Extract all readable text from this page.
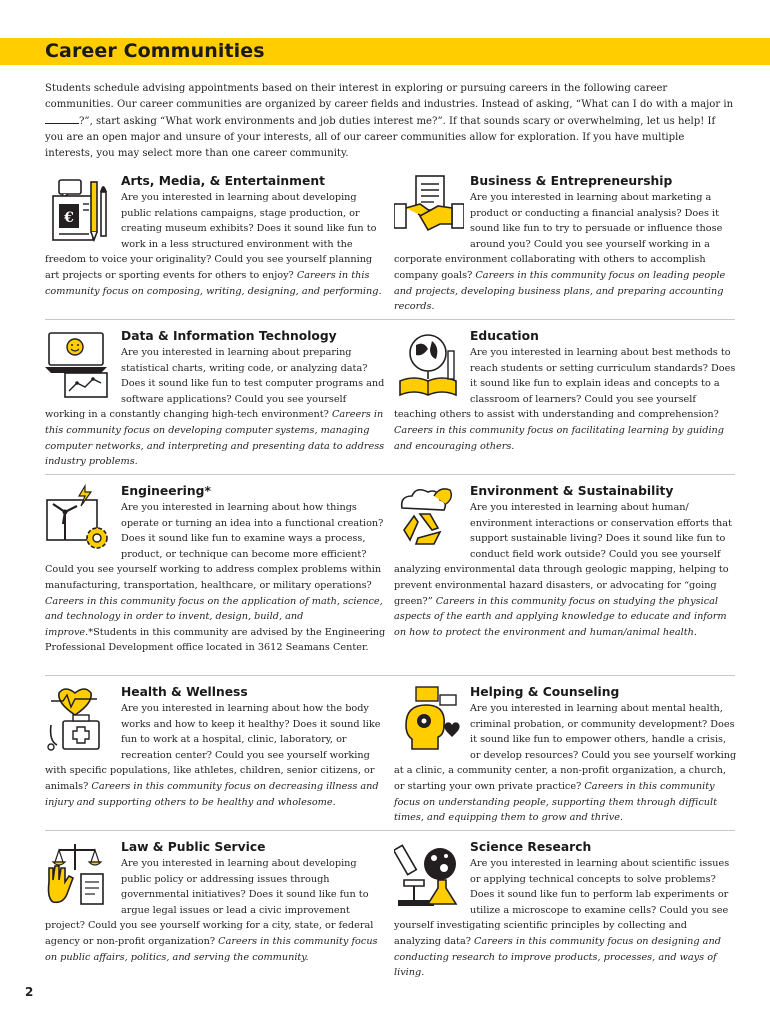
Career Communities

Students schedule advising appointments based on their interest in exploring or pursuing careers in the following career communities. Our career communities are organized by career fields and industries. Instead of asking, “What can I do with a major in ?”, start asking “What work environments and job duties interest me?”. If that sounds scary or overwhelming, let us help! If you are an open major and unsure of your interests, all of our career communities allow for exploration. If you have multiple interests, you may select more than one career community.

€
Arts, Media, & Entertainment

Are you interested in learning about developing public relations campaigns, stage production, or creating museum exhibits? Does it sound like fun to work in a less structured environment with the freedom to voice your originality? Could you see yourself planning art projects or sporting events for others to enjoy? Careers in this community focus on composing, writing, designing, and performing.

Business & Entrepreneurship

Are you interested in learning about marketing a product or conducting a financial analysis? Does it sound like fun to try to persuade or influence those around you? Could you see yourself working in a corporate environment collaborating with others to accomplish company goals? Careers in this community focus on leading people and projects, developing business plans, and preparing accounting records.

Data & Information Technology

Are you interested in learning about preparing statistical charts, writing code, or analyzing data? Does it sound like fun to test computer programs and software applications? Could you see yourself working in a constantly changing high-tech environment? Careers in this community focus on developing computer systems, managing computer networks, and interpreting and presenting data to address industry problems.

Education

Are you interested in learning about best methods to reach students or setting curriculum standards? Does it sound like fun to explain ideas and concepts to a classroom of learners? Could you see yourself teaching others to assist with understanding and comprehension? Careers in this community focus on facilitating learning by guiding and encouraging others.

Engineering*

Are you interested in learning about how things operate or turning an idea into a functional creation? Does it sound like fun to examine ways a process, product, or technique can become more efficient? Could you see yourself working to address complex problems within manufacturing, transportation, healthcare, or military operations? Careers in this community focus on the application of math, science, and technology in order to invent, design, build, and improve.*Students in this community are advised by the Engineering Professional Development office located in 3612 Seamans Center.

Environment & Sustainability

Are you interested in learning about human/ environment interactions or conservation efforts that support sustainable living? Does it sound like fun to conduct field work outside? Could you see yourself analyzing environmental data through geologic mapping, helping to prevent environmental hazard disasters, or advocating for “going green?” Careers in this community focus on studying the physical aspects of the earth and applying knowledge to educate and inform on how to protect the environment and human/animal health.

Health & Wellness

Are you interested in learning about how the body works and how to keep it healthy? Does it sound like fun to work at a hospital, clinic, laboratory, or recreation center? Could you see yourself working with specific populations, like athletes, children, senior citizens, or animals? Careers in this community focus on decreasing illness and injury and supporting others to be healthy and wholesome.

Helping & Counseling

Are you interested in learning about mental health, criminal probation, or community development? Does it sound like fun to empower others, handle a crisis, or develop resources? Could you see yourself working at a clinic, a community center, a non-profit organization, a church, or starting your own private practice? Careers in this community focus on understanding people, supporting them through difficult times, and equipping them to grow and thrive.

Law & Public Service

Are you interested in learning about developing public policy or addressing issues through governmental initiatives? Does it sound like fun to argue legal issues or lead a civic improvement project? Could you see yourself working for a city, state, or federal agency or non-profit organization? Careers in this community focus on public affairs, politics, and serving the community.

Science Research

Are you interested in learning about scientific issues or applying technical concepts to solve problems? Does it sound like fun to perform lab experiments or utilize a microscope to examine cells? Could you see yourself investigating scientific principles by collecting and analyzing data? Careers in this community focus on designing and conducting research to improve products, processes, and ways of living.

2
